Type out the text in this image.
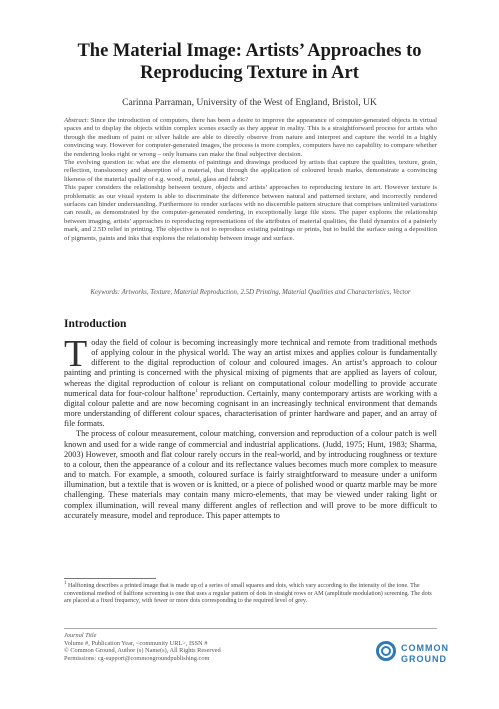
The Material Image: Artists’ Approaches to Reproducing Texture in Art
Carinna Parraman, University of the West of England, Bristol, UK

Abstract: Since the introduction of computers, there has been a desire to improve the appearance of computer-generated objects in virtual spaces and to display the objects within complex scenes exactly as they appear in reality. This is a straightforward process for artists who through the medium of paint or silver halide are able to directly observe from nature and interpret and capture the world in a highly convincing way. However for computer-generated images, the process is more complex, computers have no capability to compare whether the rendering looks right or wrong – only humans can make the final subjective decision.

The evolving question is: what are the elements of paintings and drawings produced by artists that capture the qualities, texture, grain, reflection, translucency and absorption of a material, that through the application of coloured brush marks, demonstrate a convincing likeness of the material quality of e.g. wood, metal, glass and fabric?

This paper considers the relationship between texture, objects and artists’ approaches to reproducing texture in art. However texture is problematic as our visual system is able to discriminate the difference between natural and patterned texture, and incorrectly rendered surfaces can hinder understanding. Furthermore to render surfaces with no discernible pattern structure that comprises unlimited variations can result, as demonstrated by the computer-generated rendering, in exceptionally large file sizes. The paper explores the relationship between imaging, artists’ approaches to reproducing representations of the attributes of material qualities, the fluid dynamics of a painterly mark, and 2.5D relief in printing. The objective is not to reproduce existing paintings or prints, but to build the surface using a deposition of pigments, paints and inks that explores the relationship between image and surface.

Keywords: Artworks, Texture, Material Reproduction, 2.5D Printing, Material Qualities and Characteristics, Vector
Introduction

Today the field of colour is becoming increasingly more technical and remote from traditional methods of applying colour in the physical world. The way an artist mixes and applies colour is fundamentally different to the digital reproduction of colour and coloured images. An artist’s approach to colour painting and printing is concerned with the physical mixing of pigments that are applied as layers of colour, whereas the digital reproduction of colour is reliant on computational colour modelling to provide accurate numerical data for four-colour halftone$^1$ reproduction. Certainly, many contemporary artists are working with a digital colour palette and are now becoming cognisant in an increasingly technical environment that demands more understanding of different colour spaces, characterisation of printer hardware and paper, and an array of file formats.

The process of colour measurement, colour matching, conversion and reproduction of a colour patch is well known and used for a wide range of commercial and industrial applications. (Judd, 1975; Hunt, 1983; Sharma, 2003) However, smooth and flat colour rarely occurs in the real-world, and by introducing roughness or texture to a colour, then the appearance of a colour and its reflectance values becomes much more complex to measure and to match. For example, a smooth, coloured surface is fairly straightforward to measure under a uniform illumination, but a textile that is woven or is knitted, or a piece of polished wood or quartz marble may be more challenging. These materials may contain many micro-elements, that may be viewed under raking light or complex illumination, will reveal many different angles of reflection and will prove to be more difficult to accurately measure, model and reproduce. This paper attempts to

$^1$ Halftoning describes a printed image that is made up of a series of small squares and dots, which vary according to the intensity of the tone. The conventional method of halftone screening is one that uses a regular pattern of dots in straight rows or AM (amplitude modulation) screening. The dots are placed at a fixed frequency, with fewer or more dots corresponding to the required level of grey.
Journal Title
Volume #, Publication Year, <community URL>, ISSN #
© Common Ground, Author (s) Name(s), All Rights Reserved
Permissions: cg-support@commongroundpublishing.com
COMMON
GROUND
